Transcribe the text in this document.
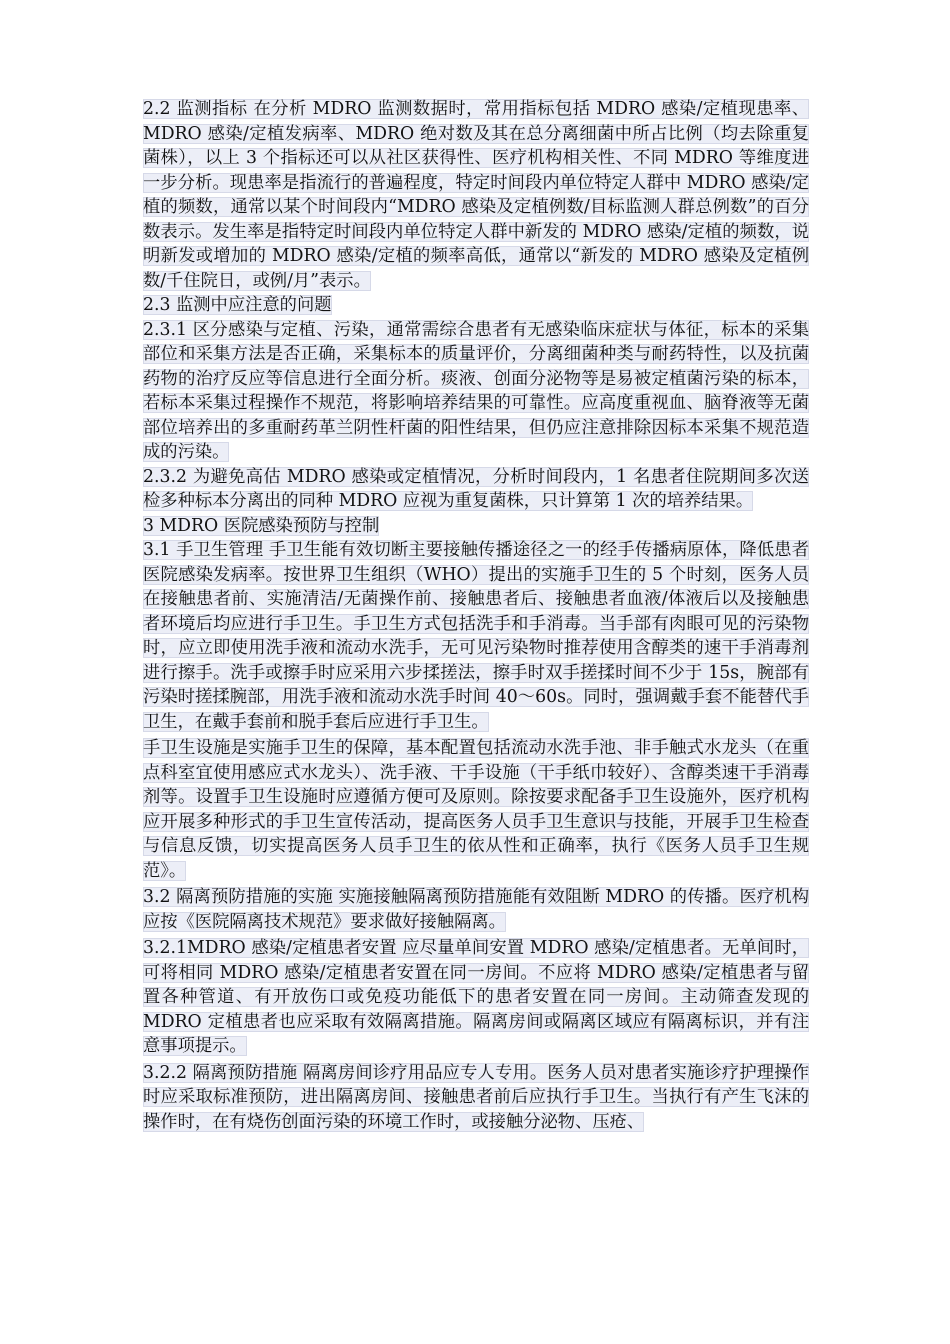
2.2 监测指标 在分析 MDRO 监测数据时，常用指标包括 MDRO 感染/定植现患率、MDRO 感染/定植发病率、MDRO 绝对数及其在总分离细菌中所占比例（均去除重复菌株），以上 3 个指标还可以从社区获得性、医疗机构相关性、不同 MDRO 等维度进一步分析。现患率是指流行的普遍程度，特定时间段内单位特定人群中 MDRO 感染/定植的频数，通常以某个时间段内“MDRO 感染及定植例数/目标监测人群总例数”的百分数表示。发生率是指特定时间段内单位特定人群中新发的 MDRO 感染/定植的频数，说明新发或增加的 MDRO 感染/定植的频率高低，通常以“新发的 MDRO 感染及定植例数/千住院日，或例/月”表示。

2.3 监测中应注意的问题

2.3.1 区分感染与定植、污染，通常需综合患者有无感染临床症状与体征，标本的采集部位和采集方法是否正确，采集标本的质量评价，分离细菌种类与耐药特性，以及抗菌药物的治疗反应等信息进行全面分析。痰液、创面分泌物等是易被定植菌污染的标本，若标本采集过程操作不规范，将影响培养结果的可靠性。应高度重视血、脑脊液等无菌部位培养出的多重耐药革兰阴性杆菌的阳性结果，但仍应注意排除因标本采集不规范造成的污染。

2.3.2 为避免高估 MDRO 感染或定植情况，分析时间段内，1 名患者住院期间多次送检多种标本分离出的同种 MDRO 应视为重复菌株，只计算第 1 次的培养结果。

3 MDRO 医院感染预防与控制

3.1 手卫生管理 手卫生能有效切断主要接触传播途径之一的经手传播病原体，降低患者医院感染发病率。按世界卫生组织（WHO）提出的实施手卫生的 5 个时刻，医务人员在接触患者前、实施清洁/无菌操作前、接触患者后、接触患者血液/体液后以及接触患者环境后均应进行手卫生。手卫生方式包括洗手和手消毒。当手部有肉眼可见的污染物时，应立即使用洗手液和流动水洗手，无可见污染物时推荐使用含醇类的速干手消毒剂进行擦手。洗手或擦手时应采用六步揉搓法，擦手时双手搓揉时间不少于 15s，腕部有污染时搓揉腕部，用洗手液和流动水洗手时间 40～60s。同时，强调戴手套不能替代手卫生，在戴手套前和脱手套后应进行手卫生。

手卫生设施是实施手卫生的保障，基本配置包括流动水洗手池、非手触式水龙头（在重点科室宜使用感应式水龙头）、洗手液、干手设施（干手纸巾较好）、含醇类速干手消毒剂等。设置手卫生设施时应遵循方便可及原则。除按要求配备手卫生设施外，医疗机构应开展多种形式的手卫生宣传活动，提高医务人员手卫生意识与技能，开展手卫生检查与信息反馈，切实提高医务人员手卫生的依从性和正确率，执行《医务人员手卫生规范》。

3.2 隔离预防措施的实施 实施接触隔离预防措施能有效阻断 MDRO 的传播。医疗机构应按《医院隔离技术规范》要求做好接触隔离。

3.2.1MDRO 感染/定植患者安置 应尽量单间安置 MDRO 感染/定植患者。无单间时，可将相同 MDRO 感染/定植患者安置在同一房间。不应将 MDRO 感染/定植患者与留置各种管道、有开放伤口或免疫功能低下的患者安置在同一房间。主动筛查发现的 MDRO 定植患者也应采取有效隔离措施。隔离房间或隔离区域应有隔离标识，并有注意事项提示。

3.2.2 隔离预防措施 隔离房间诊疗用品应专人专用。医务人员对患者实施诊疗护理操作时应采取标准预防，进出隔离房间、接触患者前后应执行手卫生。当执行有产生飞沫的操作时，在有烧伤创面污染的环境工作时，或接触分泌物、压疮、
